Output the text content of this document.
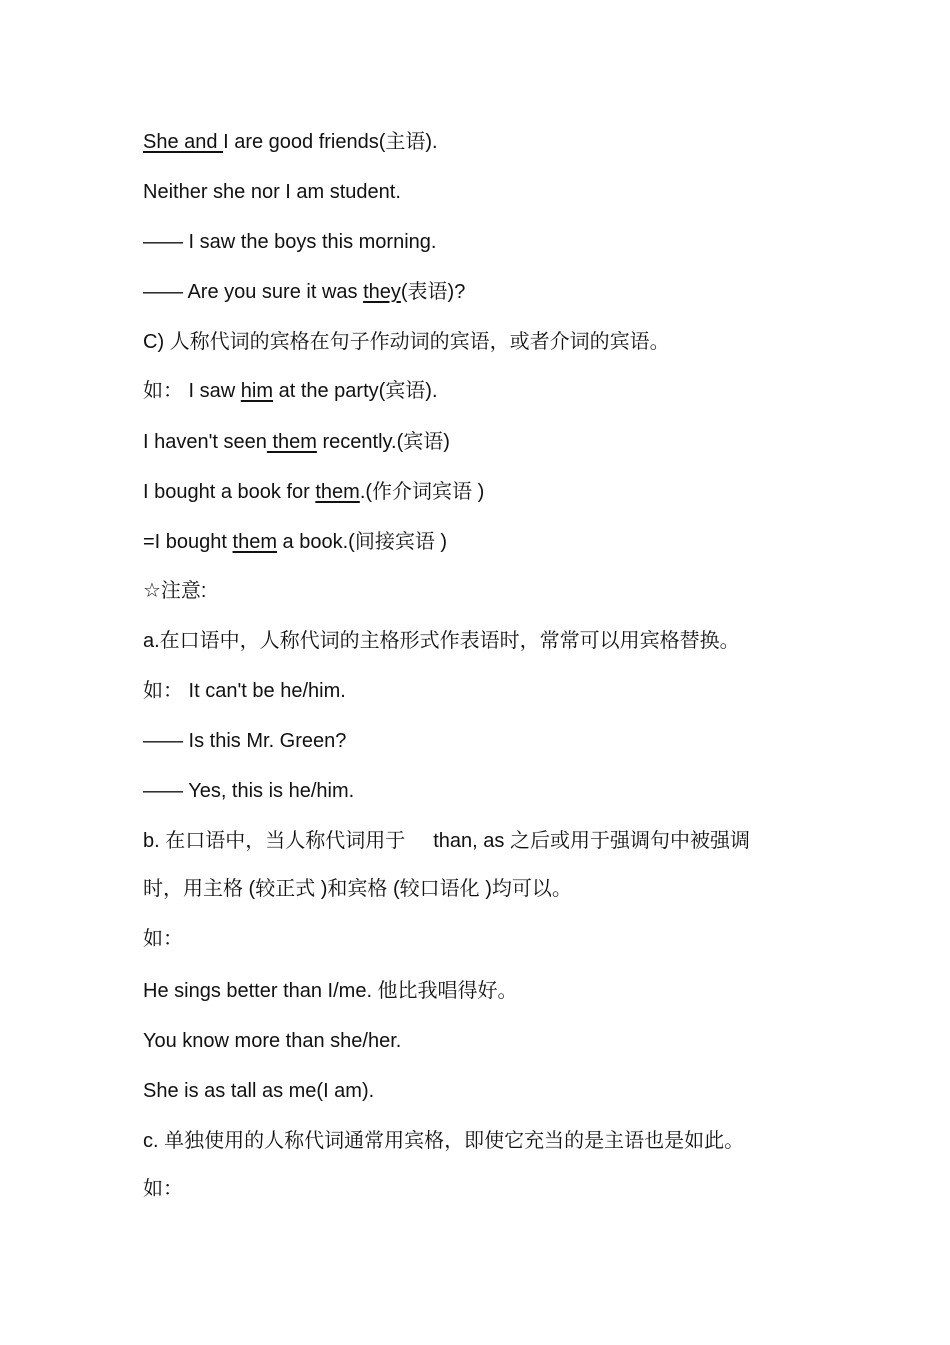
She and I are good friends(主语).
Neither she nor I am student.
—— I saw the boys this morning.
—— Are you sure it was they(表语)?
C) 人称代词的宾格在句子作动词的宾语，或者介词的宾语。
如： I saw him at the party(宾语).
I haven't seen them recently.(宾语)
I bought a book for them.(作介词宾语 )
=I bought them a book.(间接宾语 )
☆注意:
a.在口语中，人称代词的主格形式作表语时，常常可以用宾格替换。
如： It can't be he/him.
—— Is this Mr. Green?
—— Yes, this is he/him.
b. 在口语中，当人称代词用于 than, as 之后或用于强调句中被强调
时，用主格 (较正式 )和宾格 (较口语化 )均可以。
如：
He sings better than I/me. 他比我唱得好。
You know more than she/her.
She is as tall as me(I am).
c. 单独使用的人称代词通常用宾格，即使它充当的是主语也是如此。
如：
